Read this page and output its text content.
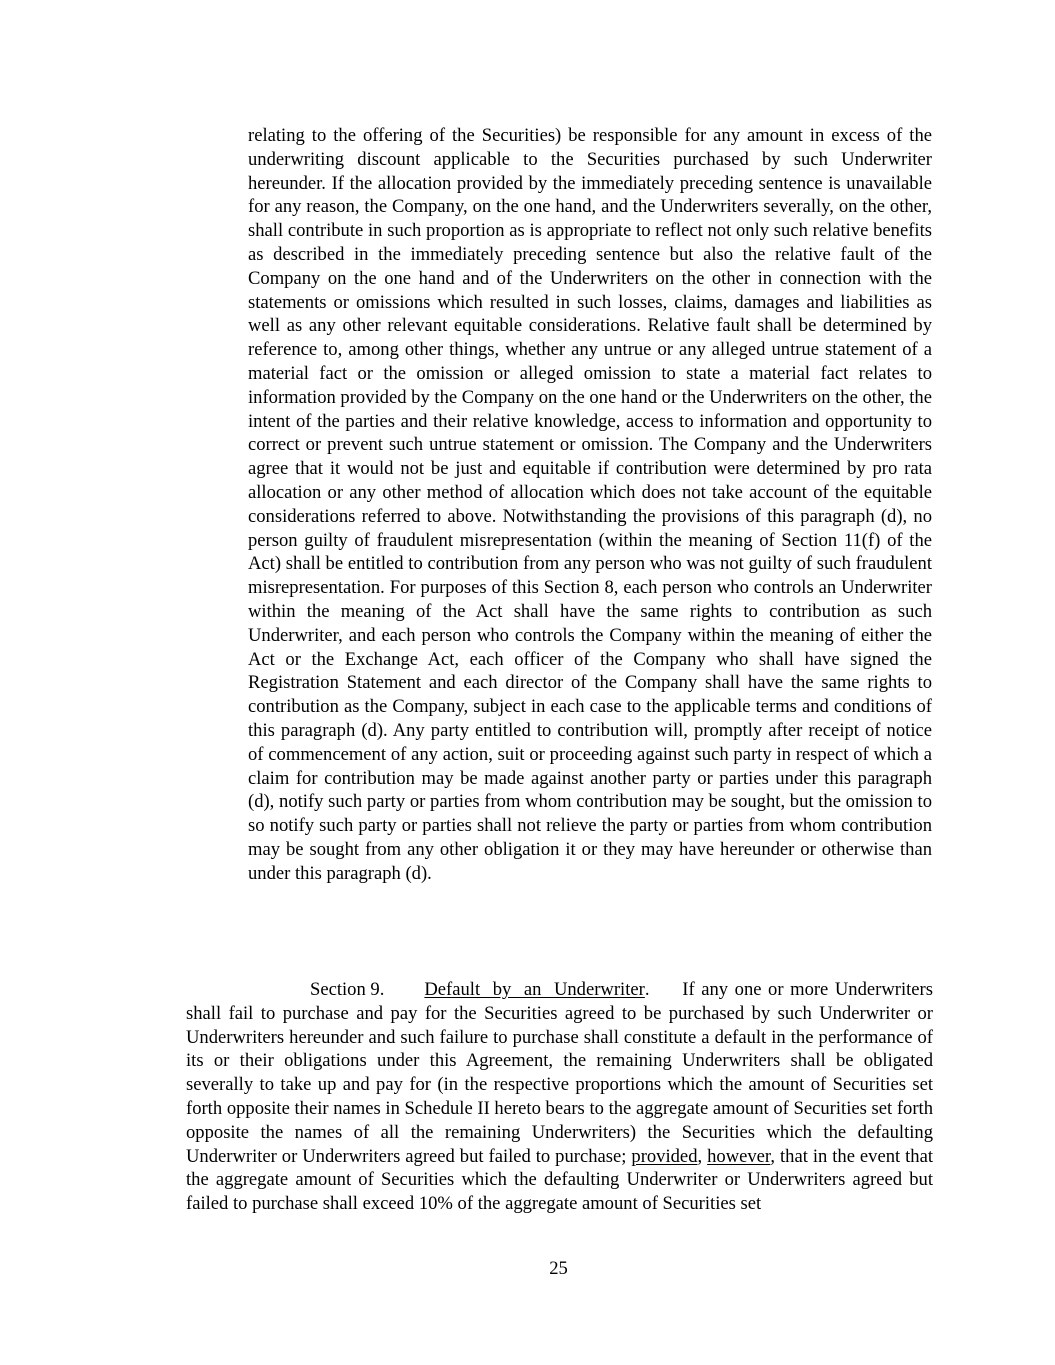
relating to the offering of the Securities) be responsible for any amount in excess of the underwriting discount applicable to the Securities purchased by such Underwriter hereunder. If the allocation provided by the immediately preceding sentence is unavailable for any reason, the Company, on the one hand, and the Underwriters severally, on the other, shall contribute in such proportion as is appropriate to reflect not only such relative benefits as described in the immediately preceding sentence but also the relative fault of the Company on the one hand and of the Underwriters on the other in connection with the statements or omissions which resulted in such losses, claims, damages and liabilities as well as any other relevant equitable considerations. Relative fault shall be determined by reference to, among other things, whether any untrue or any alleged untrue statement of a material fact or the omission or alleged omission to state a material fact relates to information provided by the Company on the one hand or the Underwriters on the other, the intent of the parties and their relative knowledge, access to information and opportunity to correct or prevent such untrue statement or omission. The Company and the Underwriters agree that it would not be just and equitable if contribution were determined by pro rata allocation or any other method of allocation which does not take account of the equitable considerations referred to above. Notwithstanding the provisions of this paragraph (d), no person guilty of fraudulent misrepresentation (within the meaning of Section 11(f) of the Act) shall be entitled to contribution from any person who was not guilty of such fraudulent misrepresentation. For purposes of this Section 8, each person who controls an Underwriter within the meaning of the Act shall have the same rights to contribution as such Underwriter, and each person who controls the Company within the meaning of either the Act or the Exchange Act, each officer of the Company who shall have signed the Registration Statement and each director of the Company shall have the same rights to contribution as the Company, subject in each case to the applicable terms and conditions of this paragraph (d). Any party entitled to contribution will, promptly after receipt of notice of commencement of any action, suit or proceeding against such party in respect of which a claim for contribution may be made against another party or parties under this paragraph (d), notify such party or parties from whom contribution may be sought, but the omission to so notify such party or parties shall not relieve the party or parties from whom contribution may be sought from any other obligation it or they may have hereunder or otherwise than under this paragraph (d).

Section 9. Default by an Underwriter. If any one or more Underwriters shall fail to purchase and pay for the Securities agreed to be purchased by such Underwriter or Underwriters hereunder and such failure to purchase shall constitute a default in the performance of its or their obligations under this Agreement, the remaining Underwriters shall be obligated severally to take up and pay for (in the respective proportions which the amount of Securities set forth opposite their names in Schedule II hereto bears to the aggregate amount of Securities set forth opposite the names of all the remaining Underwriters) the Securities which the defaulting Underwriter or Underwriters agreed but failed to purchase; provided, however, that in the event that the aggregate amount of Securities which the defaulting Underwriter or Underwriters agreed but failed to purchase shall exceed 10% of the aggregate amount of Securities set

25
